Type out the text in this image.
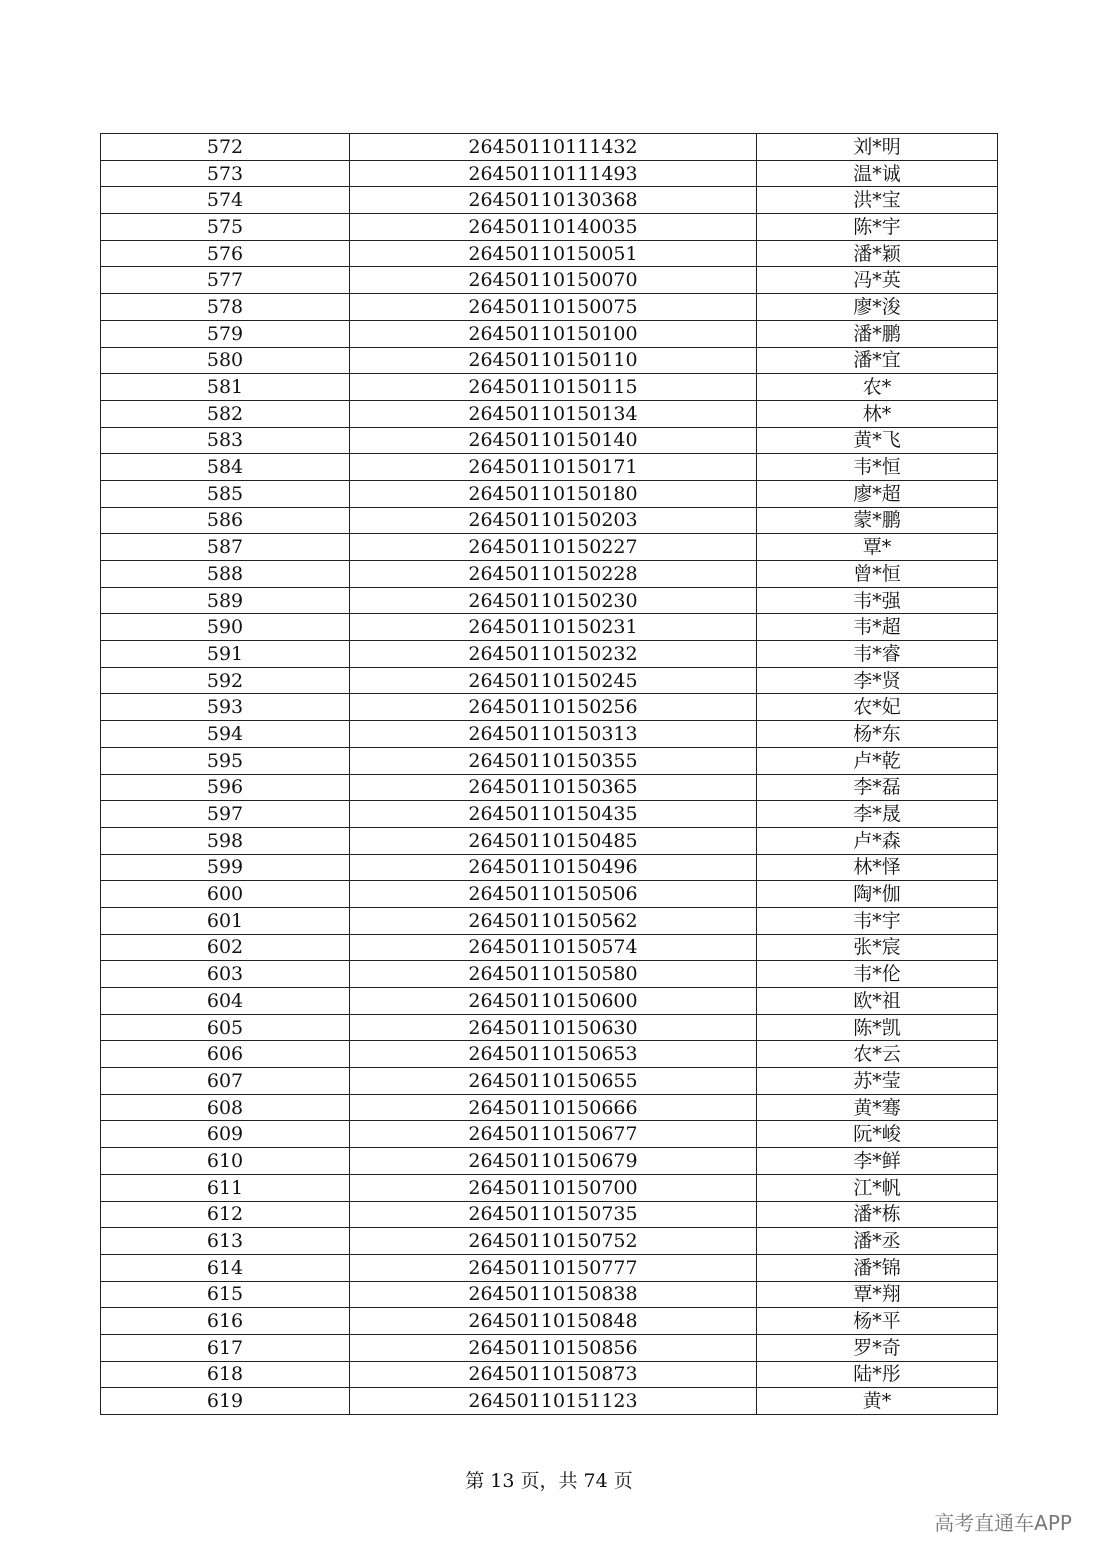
572	26450110111432	刘*明
573	26450110111493	温*诚
574	26450110130368	洪*宝
575	26450110140035	陈*宇
576	26450110150051	潘*颖
577	26450110150070	冯*英
578	26450110150075	廖*浚
579	26450110150100	潘*鹏
580	26450110150110	潘*宜
581	26450110150115	农*
582	26450110150134	林*
583	26450110150140	黄*飞
584	26450110150171	韦*恒
585	26450110150180	廖*超
586	26450110150203	蒙*鹏
587	26450110150227	覃*
588	26450110150228	曾*恒
589	26450110150230	韦*强
590	26450110150231	韦*超
591	26450110150232	韦*睿
592	26450110150245	李*贤
593	26450110150256	农*妃
594	26450110150313	杨*东
595	26450110150355	卢*乾
596	26450110150365	李*磊
597	26450110150435	李*晟
598	26450110150485	卢*森
599	26450110150496	林*怿
600	26450110150506	陶*伽
601	26450110150562	韦*宇
602	26450110150574	张*宸
603	26450110150580	韦*伦
604	26450110150600	欧*祖
605	26450110150630	陈*凯
606	26450110150653	农*云
607	26450110150655	苏*莹
608	26450110150666	黄*骞
609	26450110150677	阮*峻
610	26450110150679	李*鲜
611	26450110150700	江*帆
612	26450110150735	潘*栋
613	26450110150752	潘*丞
614	26450110150777	潘*锦
615	26450110150838	覃*翔
616	26450110150848	杨*平
617	26450110150856	罗*奇
618	26450110150873	陆*彤
619	26450110151123	黄*
第 13 页，共 74 页
高考直通车APP
